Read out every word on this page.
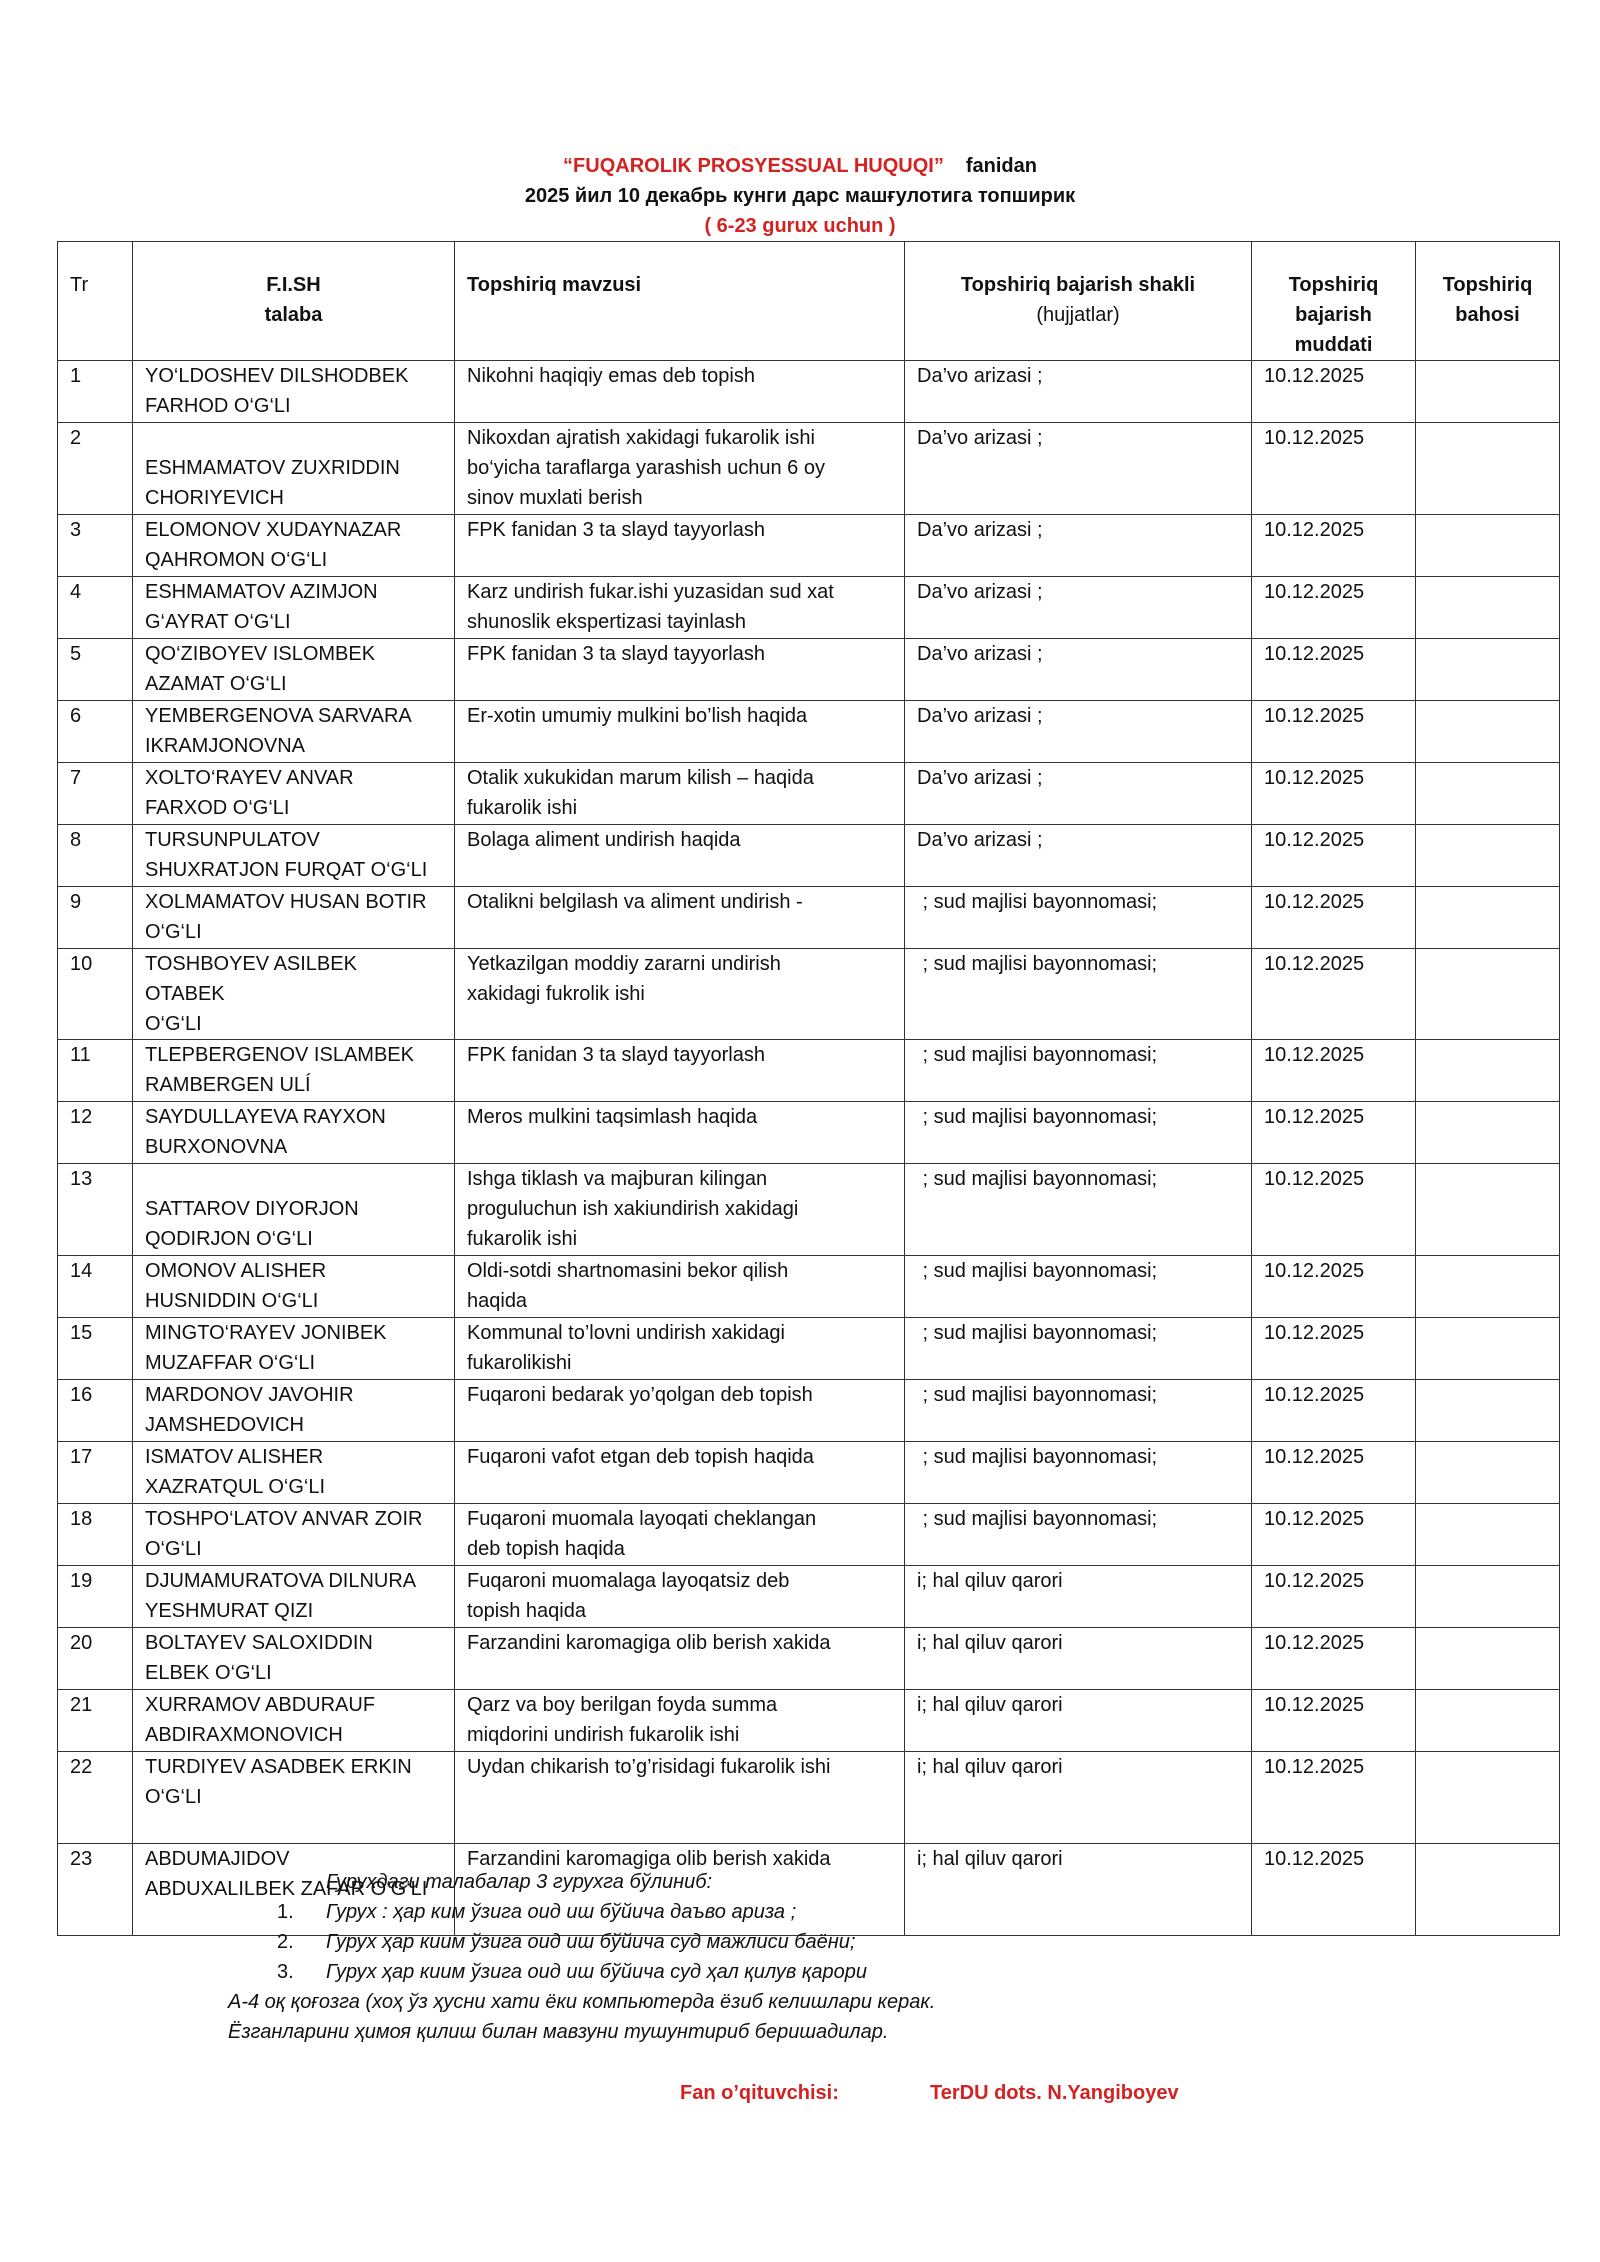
“FUQAROLIK PROSYESSUAL HUQUQI” fanidan
2025 йил 10 декабрь кунги дарс машғулотига топширик
( 6-23 gurux uchun )
Tr	F.I.SH
talaba	Topshiriq mavzusi	Topshiriq bajarish shakli
(hujjatlar)	Topshiriq
bajarish
muddati	Topshiriq
bahosi

1	YO‘LDOSHEV DILSHODBEK
FARHOD O‘G‘LI	Nikohni haqiqiy emas deb topish	Da’vo arizasi ;	10.12.2025	
2	ESHMAMATOV ZUXRIDDIN
CHORIYEVICH	Nikoxdan ajratish xakidagi fukarolik ishi
bo‘yicha taraflarga yarashish uchun 6 oy
sinov muxlati berish	Da’vo arizasi ;	10.12.2025	
3	ELOMONOV XUDAYNAZAR
QAHROMON O‘G‘LI	FPK fanidan 3 ta slayd tayyorlash	Da’vo arizasi ;	10.12.2025	
4	ESHMAMATOV AZIMJON
G‘AYRAT O‘G‘LI	Karz undirish fukar.ishi yuzasidan sud xat
shunoslik ekspertizasi tayinlash	Da’vo arizasi ;	10.12.2025	
5	QO‘ZIBOYEV ISLOMBEK
AZAMAT O‘G‘LI	FPK fanidan 3 ta slayd tayyorlash	Da’vo arizasi ;	10.12.2025	
6	YEMBERGENOVA SARVARA
IKRAMJONOVNA	Er-xotin umumiy mulkini bo’lish haqida	Da’vo arizasi ;	10.12.2025	
7	XOLTO‘RAYEV ANVAR
FARXOD O‘G‘LI	Otalik xukukidan marum kilish – haqida
fukarolik ishi	Da’vo arizasi ;	10.12.2025	
8	TURSUNPULATOV
SHUXRATJON FURQAT O‘G‘LI	Bolaga aliment undirish haqida	Da’vo arizasi ;	10.12.2025	
9	XOLMAMATOV HUSAN BOTIR
O‘G‘LI	Otalikni belgilash va aliment undirish -	; sud majlisi bayonnomasi;	10.12.2025	
10	TOSHBOYEV ASILBEK OTABEK
O‘G‘LI	Yetkazilgan moddiy zararni undirish
xakidagi fukrolik ishi	; sud majlisi bayonnomasi;	10.12.2025	
11	TLEPBERGENOV ISLAMBEK
RAMBERGEN ULÍ	FPK fanidan 3 ta slayd tayyorlash	; sud majlisi bayonnomasi;	10.12.2025	
12	SAYDULLAYEVA RAYXON
BURXONOVNA	Meros mulkini taqsimlash haqida	; sud majlisi bayonnomasi;	10.12.2025	
13	SATTAROV DIYORJON
QODIRJON O‘G‘LI	Ishga tiklash va majburan kilingan
proguluchun ish xakiundirish xakidagi
fukarolik ishi	; sud majlisi bayonnomasi;	10.12.2025	
14	OMONOV ALISHER
HUSNIDDIN O‘G‘LI	Oldi-sotdi shartnomasini bekor qilish
haqida	; sud majlisi bayonnomasi;	10.12.2025	
15	MINGTO‘RAYEV JONIBEK
MUZAFFAR O‘G‘LI	Kommunal to’lovni undirish xakidagi
fukarolikishi	; sud majlisi bayonnomasi;	10.12.2025	
16	MARDONOV JAVOHIR
JAMSHEDOVICH	Fuqaroni bedarak yo’qolgan deb topish	; sud majlisi bayonnomasi;	10.12.2025	
17	ISMATOV ALISHER
XAZRATQUL O‘G‘LI	Fuqaroni vafot etgan deb topish haqida	; sud majlisi bayonnomasi;	10.12.2025	
18	TOSHPO‘LATOV ANVAR ZOIR
O‘G‘LI	Fuqaroni muomala layoqati cheklangan
deb topish haqida	; sud majlisi bayonnomasi;	10.12.2025	
19	DJUMAMURATOVA DILNURA
YESHMURAT QIZI	Fuqaroni muomalaga layoqatsiz deb
topish haqida	i; hal qiluv qarori	10.12.2025	
20	BOLTAYEV SALOXIDDIN
ELBEK O‘G‘LI	Farzandini karomagiga olib berish xakida	i; hal qiluv qarori	10.12.2025	
21	XURRAMOV ABDURAUF
ABDIRAXMONOVICH	Qarz va boy berilgan foyda summa
miqdorini undirish fukarolik ishi	i; hal qiluv qarori	10.12.2025	
22	TURDIYEV ASADBEK ERKIN
O‘G‘LI	Uydan chikarish to’g’risidagi fukarolik ishi	i; hal qiluv qarori	10.12.2025	
23	ABDUMAJIDOV
ABDUXALILBEK ZAFAR O‘G‘LI	Farzandini karomagiga olib berish xakida	i; hal qiluv qarori	10.12.2025	
Гурухдаги талабалар 3 гурухга бўлиниб:
1. Гурух : ҳар ким ўзига оид иш бўйича даъво ариза ;
2. Гурух ҳар киим ўзига оид иш бўйича суд мажлиси баёни;
3. Гурух ҳар киим ўзига оид иш бўйича суд ҳал қилув қарори
А-4 оқ қоғозга (хоҳ ўз ҳусни хати ёки компьютерда ёзиб келишлари керак.
Ёзганларини ҳимоя қилиш билан мавзуни тушунтириб беришадилар.
Fan o’qituvchisi:	TerDU dots. N.Yangiboyev
